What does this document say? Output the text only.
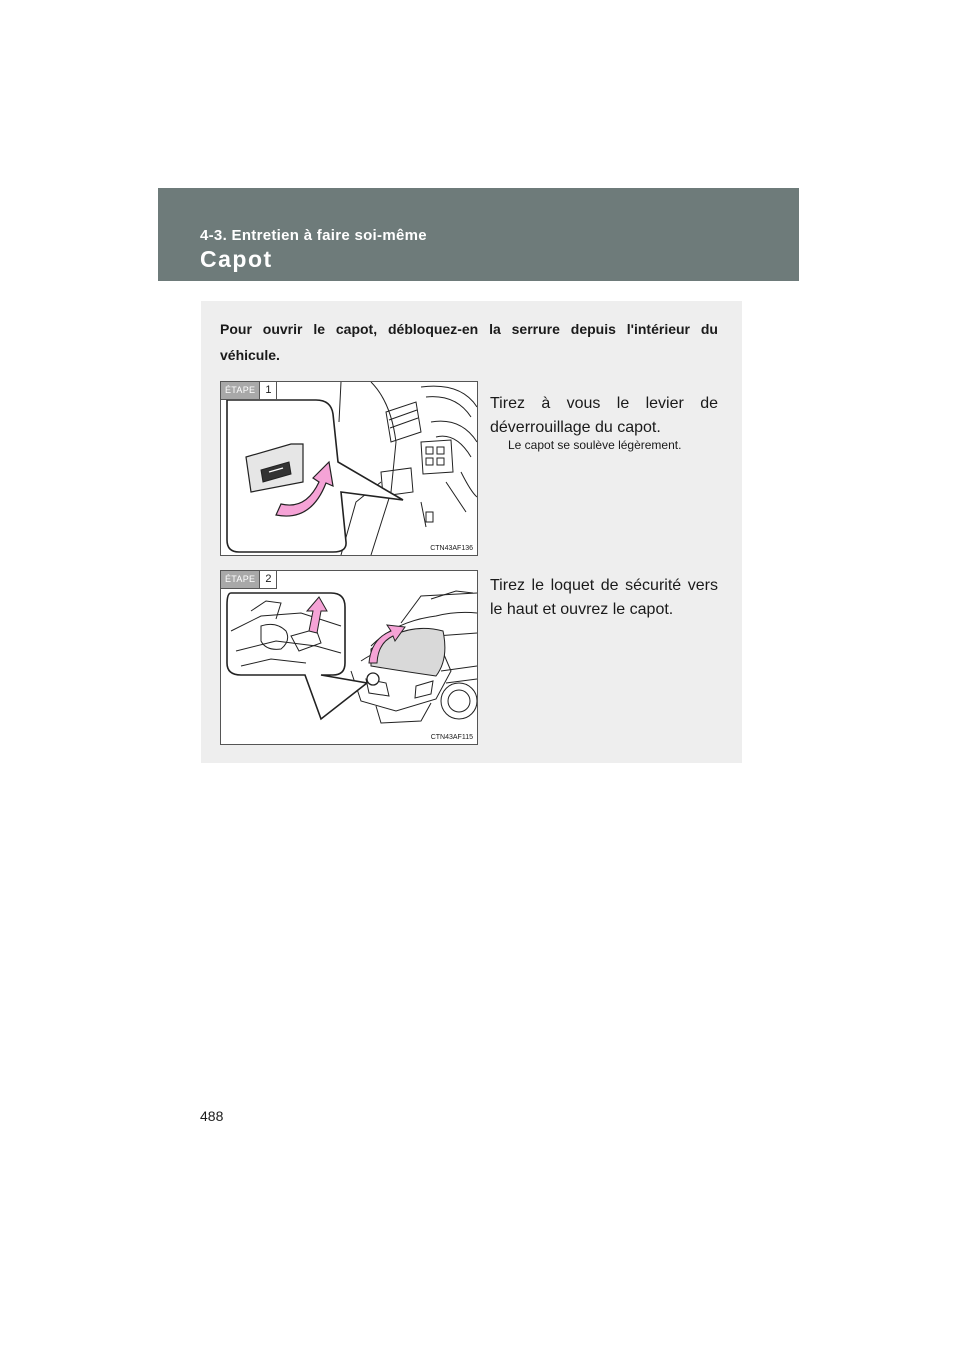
4-3. Entretien à faire soi-même
Capot
Pour ouvrir le capot, débloquez-en la serrure depuis l'intérieur du véhicule.
ÉTAPE 1
CTN43AF136
Tirez à vous le levier de déverrouillage du capot.
Le capot se soulève légèrement.
ÉTAPE 2
CTN43AF115
Tirez le loquet de sécurité vers le haut et ouvrez le capot.
488
